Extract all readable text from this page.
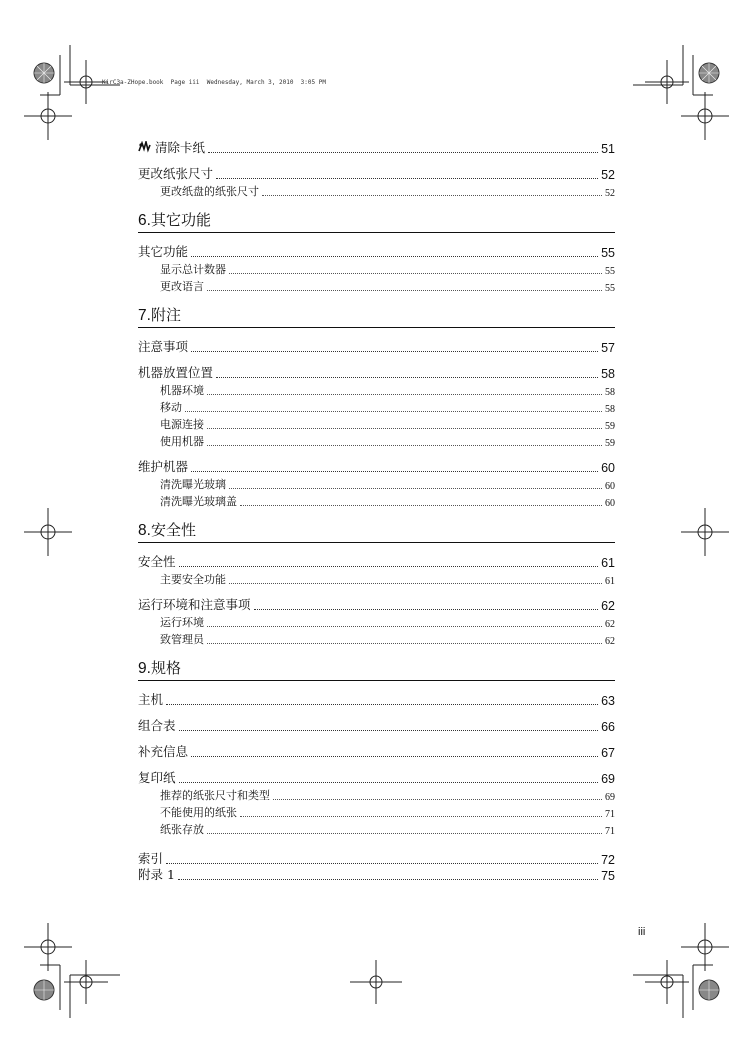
KirC3a-ZHope.book  Page iii  Wednesday, March 3, 2010  3:05 PM
清除卡纸	51
更改纸张尺寸	52
更改纸盘的纸张尺寸	52
6.其它功能
其它功能	55
显示总计数器	55
更改语言	55
7.附注
注意事项	57
机器放置位置	58
机器环境	58
移动	58
电源连接	59
使用机器	59
维护机器	60
清洗曝光玻璃	60
清洗曝光玻璃盖	60
8.安全性
安全性	61
主要安全功能	61
运行环境和注意事项	62
运行环境	62
致管理员	62
9.规格
主机	63
组合表	66
补充信息	67
复印纸	69
推荐的纸张尺寸和类型	69
不能使用的纸张	71
纸张存放	71
索引	72
附录 1	75
iii
